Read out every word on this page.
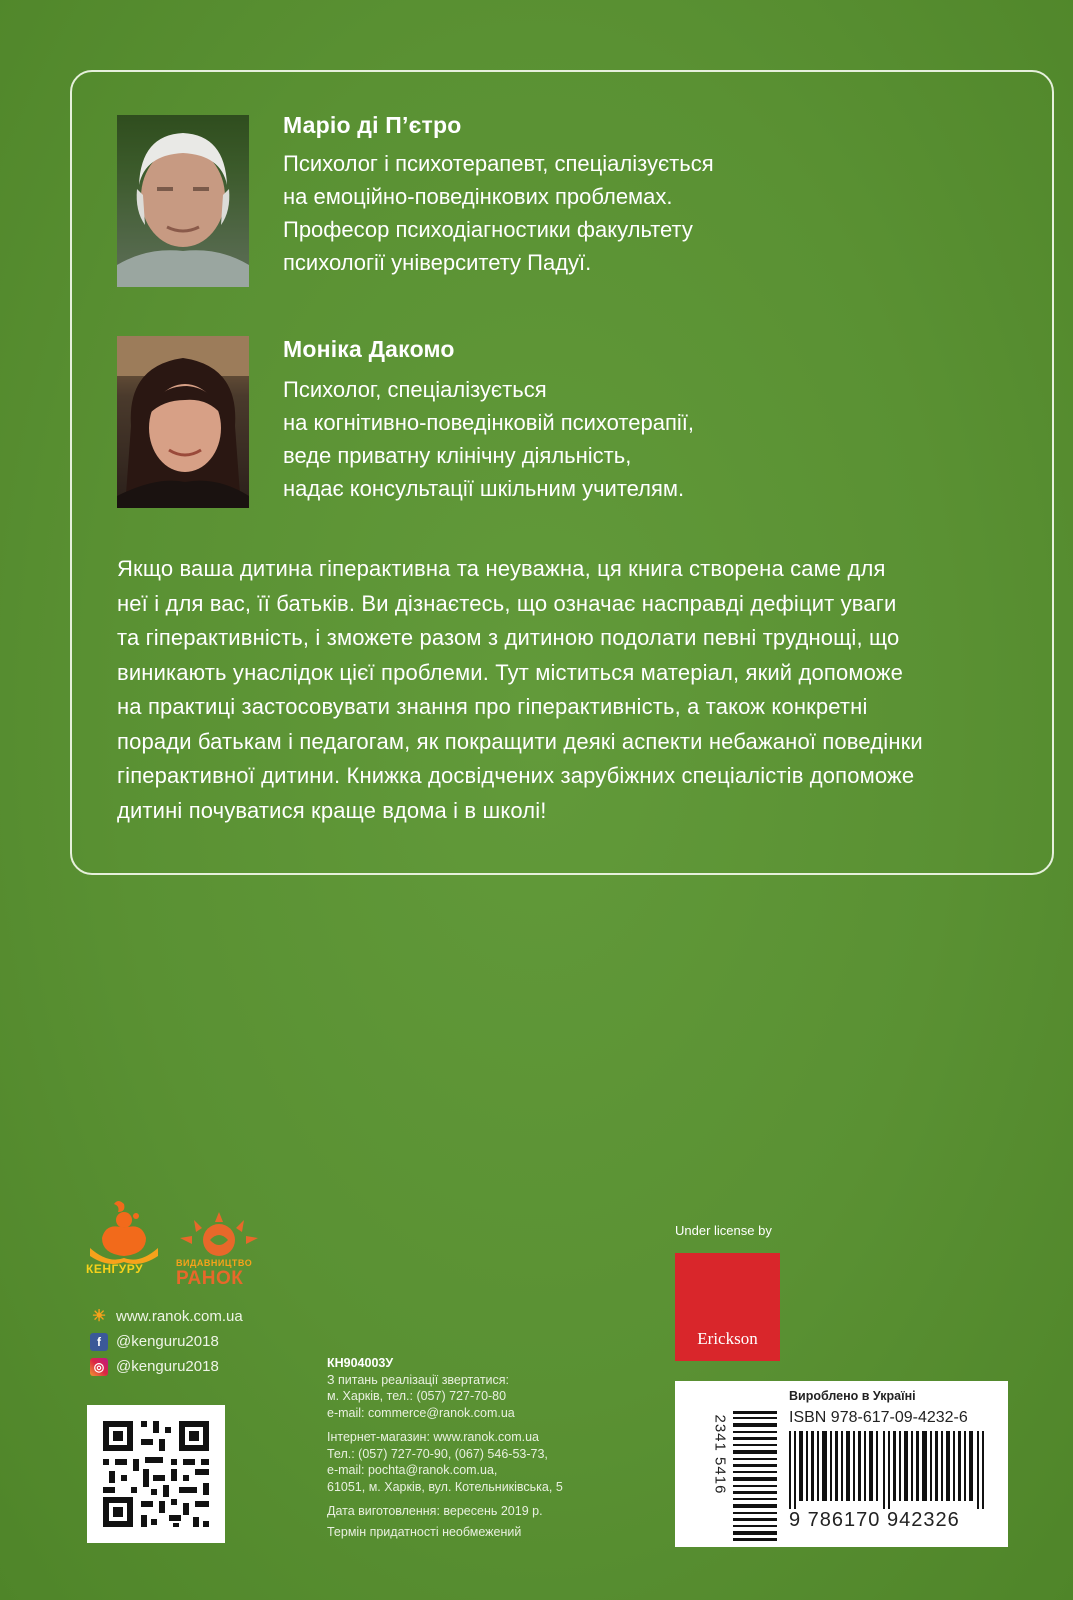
Маріо ді П’єтро
Психолог і психотерапевт, спеціалізується
на емоційно-поведінкових проблемах.
Професор психодіагностики факультету
психології університету Падуї.
Моніка Дакомо
Психолог, спеціалізується
на когнітивно-поведінковій психотерапії,
веде приватну клінічну діяльність,
надає консультації шкільним учителям.
Якщо ваша дитина гіперактивна та неуважна, ця книга створена саме для
неї і для вас, її батьків. Ви дізнаєтесь, що означає насправді дефіцит уваги
та гіперактивність, і зможете разом з дитиною подолати певні труднощі, що
виникають унаслідок цієї проблеми. Тут міститься матеріал, який допоможе
на практиці застосовувати знання про гіперактивність, а також конкретні
поради батькам і педагогам, як покращити деякі аспекти небажаної поведінки
гіперактивної дитини. Книжка досвідчених зарубіжних спеціалістів допоможе
дитині почуватися краще вдома і в школі!
КЕНГУРУ	ВИДАВНИЦТВО
РАНОК
☀ www.ranok.com.ua
f	@kenguru2018
◎ @kenguru2018	КН904003У
З питань реалізації звертатися:
м. Харків, тел.: (057) 727-70-80
e-mail: commerce@ranok.com.ua
Інтернет-магазин: www.ranok.com.ua
Тел.: (057) 727-70-90, (067) 546-53-73,
e-mail: pochta@ranok.com.ua,
61051, м. Харків, вул. Котельниківська, 5
Дата виготовлення: вересень 2019 р.
Термін придатності необмежений
Under license by
Erickson
Вироблено в Україні
ISBN 978-617-09-4232-6
2341 5416
9 786170 942326
